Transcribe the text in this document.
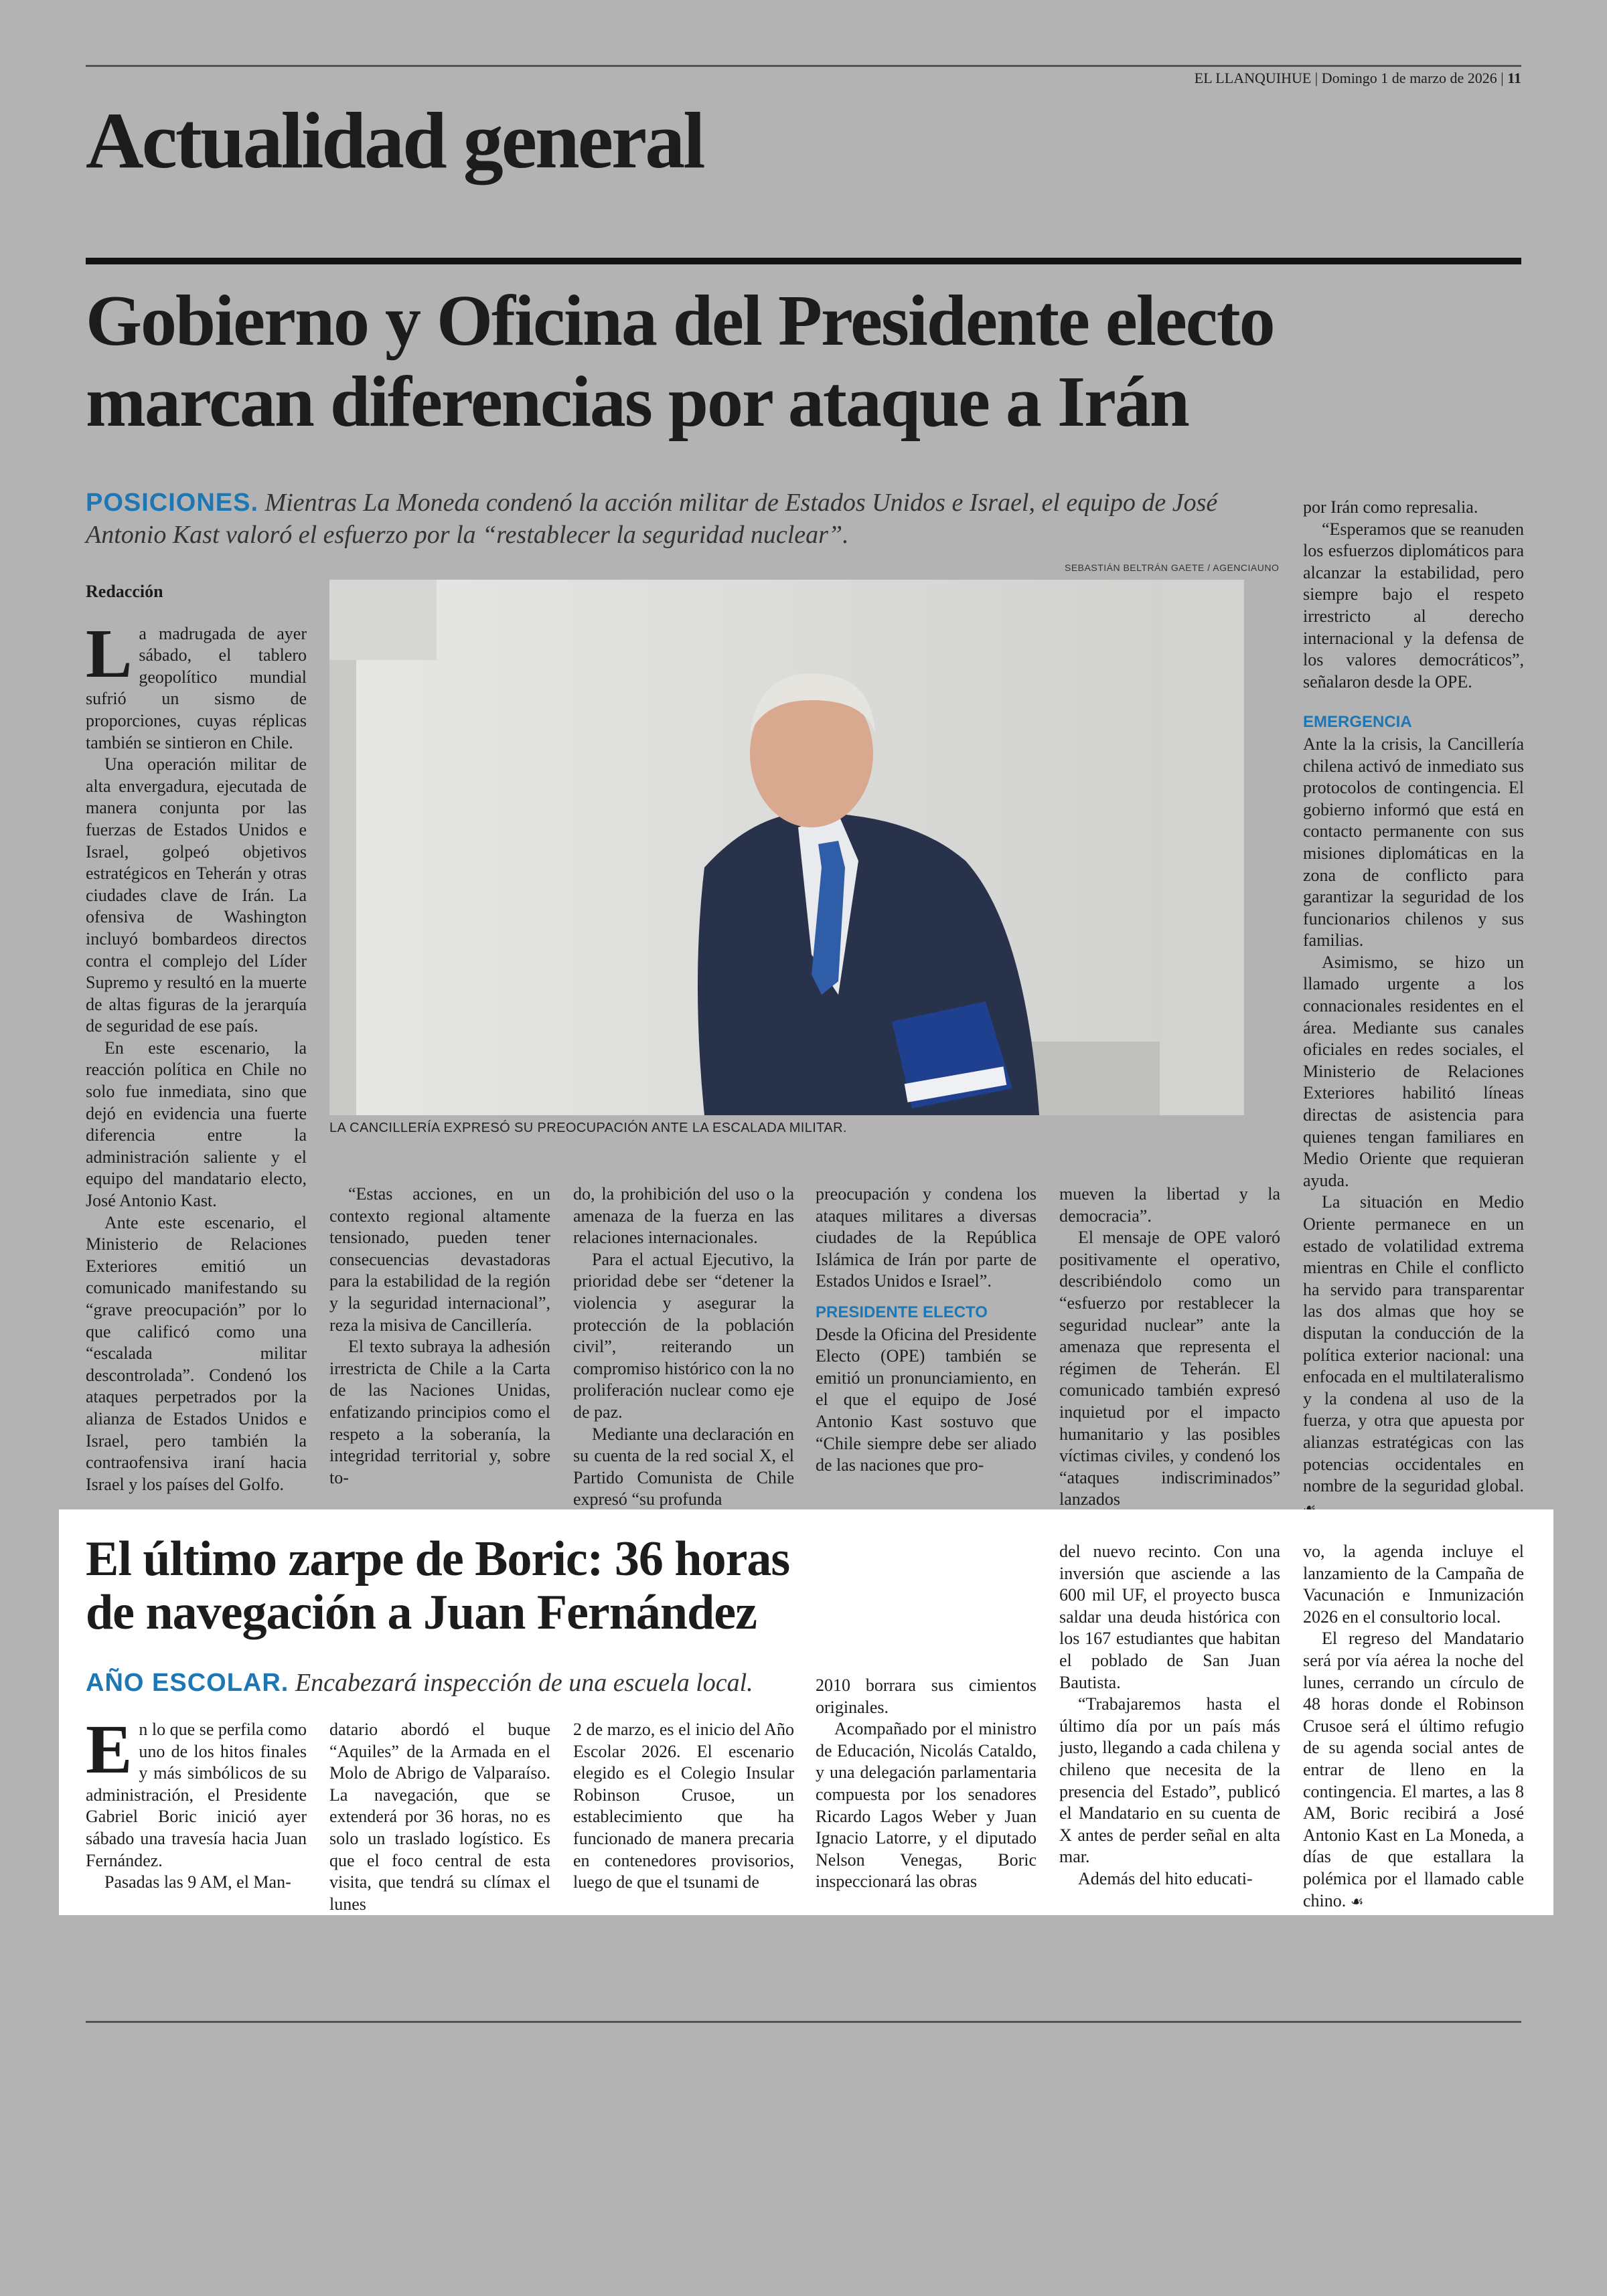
EL LLANQUIHUE | Domingo 1 de marzo de 2026 | 11
Actualidad general
Gobierno y Oficina del Presidente electo
marcan diferencias por ataque a Irán
POSICIONES. Mientras La Moneda condenó la acción militar de Estados Unidos e Israel, el equipo de José Antonio Kast valoró el esfuerzo por la “restablecer la seguridad nuclear”.
SEBASTIÁN BELTRÁN GAETE / AGENCIAUNO
LA CANCILLERÍA EXPRESÓ SU PREOCUPACIÓN ANTE LA ESCALADA MILITAR.

Redacción

La madrugada de ayer sábado, el tablero geopolítico mundial sufrió un sismo de proporciones, cuyas réplicas también se sintieron en Chile.

Una operación militar de alta envergadura, ejecutada de manera conjunta por las fuerzas de Estados Unidos e Israel, golpeó objetivos estratégicos en Teherán y otras ciudades clave de Irán. La ofensiva de Washington incluyó bombardeos directos contra el complejo del Líder Supremo y resultó en la muerte de altas figuras de la jerarquía de seguridad de ese país.

En este escenario, la reacción política en Chile no solo fue inmediata, sino que dejó en evidencia una fuerte diferencia entre la administración saliente y el equipo del mandatario electo, José Antonio Kast.

Ante este escenario, el Ministerio de Relaciones Exteriores emitió un comunicado manifestando su “grave preocupación” por lo que calificó como una “escalada militar descontrolada”. Condenó los ataques perpetrados por la alianza de Estados Unidos e Israel, pero también la contraofensiva iraní hacia Israel y los países del Golfo.

“Estas acciones, en un contexto regional altamente tensionado, pueden tener consecuencias devastadoras para la estabilidad de la región y la seguridad internacional”, reza la misiva de Cancillería.

El texto subraya la adhesión irrestricta de Chile a la Carta de las Naciones Unidas, enfatizando principios como el respeto a la soberanía, la integridad territorial y, sobre to-

do, la prohibición del uso o la amenaza de la fuerza en las relaciones internacionales.

Para el actual Ejecutivo, la prioridad debe ser “detener la violencia y asegurar la protección de la población civil”, reiterando un compromiso histórico con la no proliferación nuclear como eje de paz.

Mediante una declaración en su cuenta de la red social X, el Partido Comunista de Chile expresó “su profunda

preocupación y condena los ataques militares a diversas ciudades de la República Islámica de Irán por parte de Estados Unidos e Israel”.

PRESIDENTE ELECTO

Desde la Oficina del Presidente Electo (OPE) también se emitió un pronunciamiento, en el que el equipo de José Antonio Kast sostuvo que “Chile siempre debe ser aliado de las naciones que pro-

mueven la libertad y la democracia”.

El mensaje de OPE valoró positivamente el operativo, describiéndolo como un “esfuerzo por restablecer la seguridad nuclear” ante la amenaza que representa el régimen de Teherán. El comunicado también expresó inquietud por el impacto humanitario y las posibles víctimas civiles, y condenó los “ataques indiscriminados” lanzados

por Irán como represalia.

“Esperamos que se reanuden los esfuerzos diplomáticos para alcanzar la estabilidad, pero siempre bajo el respeto irrestricto al derecho internacional y la defensa de los valores democráticos”, señalaron desde la OPE.

EMERGENCIA

Ante la la crisis, la Cancillería chilena activó de inmediato sus protocolos de contingencia. El gobierno informó que está en contacto permanente con sus misiones diplomáticas en la zona de conflicto para garantizar la seguridad de los funcionarios chilenos y sus familias.

Asimismo, se hizo un llamado urgente a los connacionales residentes en el área. Mediante sus canales oficiales en redes sociales, el Ministerio de Relaciones Exteriores habilitó líneas directas de asistencia para quienes tengan familiares en Medio Oriente que requieran ayuda.

La situación en Medio Oriente permanece en un estado de volatilidad extrema mientras en Chile el conflicto ha servido para transparentar las dos almas que hoy se disputan la conducción de la política exterior nacional: una enfocada en el multilateralismo y la condena al uso de la fuerza, y otra que apuesta por alianzas estratégicas con las potencias occidentales en nombre de la seguridad global.

El último zarpe de Boric: 36 horas
de navegación a Juan Fernández
AÑO ESCOLAR. Encabezará inspección de una escuela local.

En lo que se perfila como uno de los hitos finales y más simbólicos de su administración, el Presidente Gabriel Boric inició ayer sábado una travesía hacia Juan Fernández.

Pasadas las 9 AM, el Man-

datario abordó el buque “Aquiles” de la Armada en el Molo de Abrigo de Valparaíso. La navegación, que se extenderá por 36 horas, no es solo un traslado logístico. Es que el foco central de esta visita, que tendrá su clímax el lunes

2 de marzo, es el inicio del Año Escolar 2026. El escenario elegido es el Colegio Insular Robinson Crusoe, un establecimiento que ha funcionado de manera precaria en contenedores provisorios, luego de que el tsunami de

2010 borrara sus cimientos originales.

Acompañado por el ministro de Educación, Nicolás Cataldo, y una delegación parlamentaria compuesta por los senadores Ricardo Lagos Weber y Juan Ignacio Latorre, y el diputado Nelson Venegas, Boric inspeccionará las obras

del nuevo recinto. Con una inversión que asciende a las 600 mil UF, el proyecto busca saldar una deuda histórica con los 167 estudiantes que habitan el poblado de San Juan Bautista.

“Trabajaremos hasta el último día por un país más justo, llegando a cada chilena y chileno que necesita de la presencia del Estado”, publicó el Mandatario en su cuenta de X antes de perder señal en alta mar.

Además del hito educati-

vo, la agenda incluye el lanzamiento de la Campaña de Vacunación e Inmunización 2026 en el consultorio local.

El regreso del Mandatario será por vía aérea la noche del lunes, cerrando un círculo de 48 horas donde el Robinson Crusoe será el último refugio de su agenda social antes de entrar de lleno en la contingencia. El martes, a las 8 AM, Boric recibirá a José Antonio Kast en La Moneda, a días de que estallara la polémica por el llamado cable chino. ☙
